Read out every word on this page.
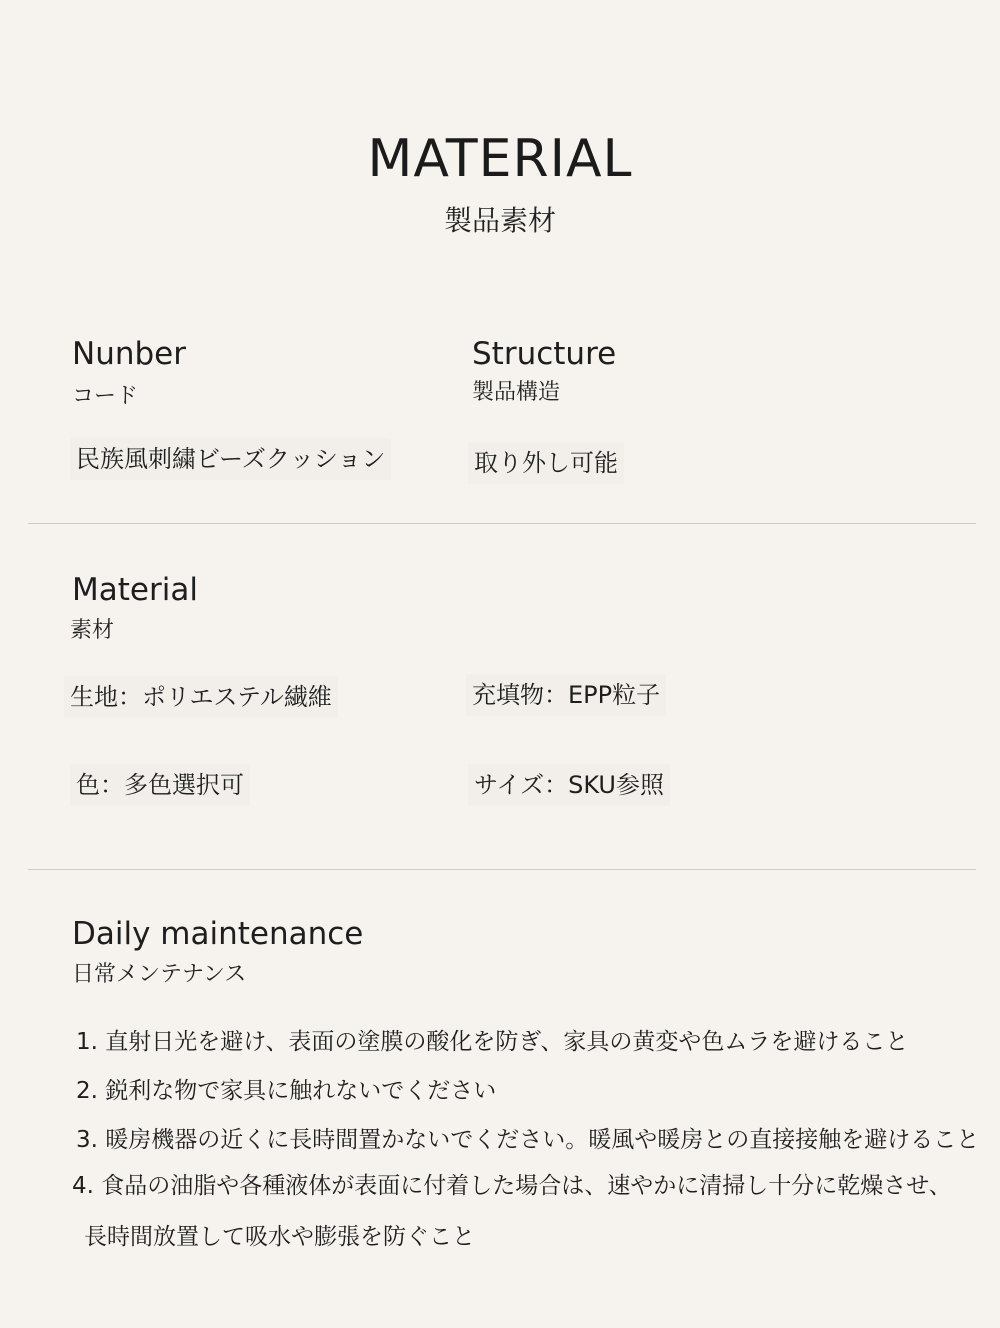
MATERIAL
製品素材
Nunber
コード
民族風刺繍ビーズクッション
Structure
製品構造
取り外し可能
Material
素材
生地：ポリエステル繊維	充填物：EPP粒子
色：多色選択可	サイズ：SKU参照
Daily maintenance
日常メンテナンス
1. 直射日光を避け、表面の塗膜の酸化を防ぎ、家具の黄変や色ムラを避けること
2. 鋭利な物で家具に触れないでください
3. 暖房機器の近くに長時間置かないでください。暖風や暖房との直接接触を避けること
4. 食品の油脂や各種液体が表面に付着した場合は、速やかに清掃し十分に乾燥させ、
長時間放置して吸水や膨張を防ぐこと
